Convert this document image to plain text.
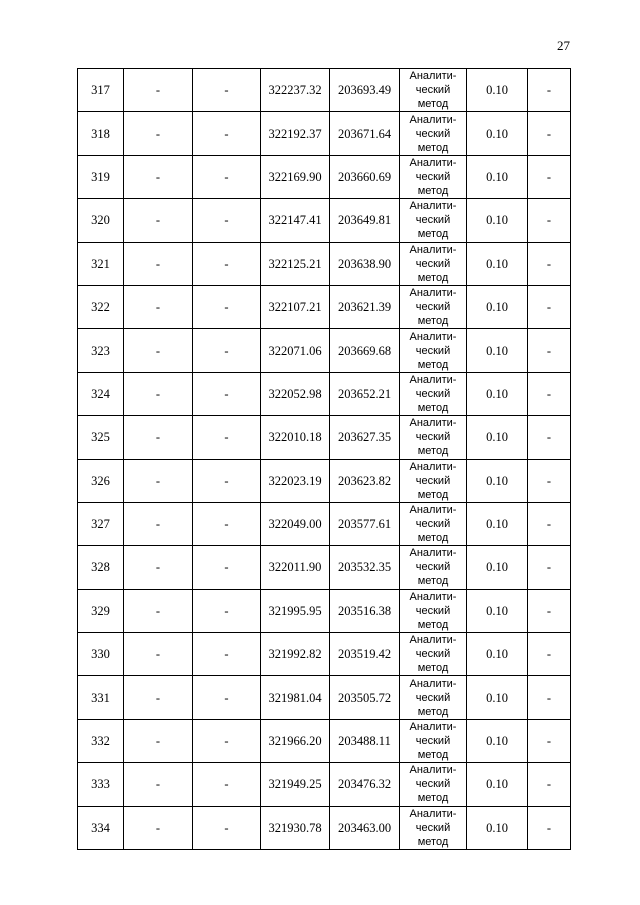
27
317	-	-	322237.32	203693.49	Аналити-
ческий
метод	0.10	-
318	-	-	322192.37	203671.64	Аналити-
ческий
метод	0.10	-
319	-	-	322169.90	203660.69	Аналити-
ческий
метод	0.10	-
320	-	-	322147.41	203649.81	Аналити-
ческий
метод	0.10	-
321	-	-	322125.21	203638.90	Аналити-
ческий
метод	0.10	-
322	-	-	322107.21	203621.39	Аналити-
ческий
метод	0.10	-
323	-	-	322071.06	203669.68	Аналити-
ческий
метод	0.10	-
324	-	-	322052.98	203652.21	Аналити-
ческий
метод	0.10	-
325	-	-	322010.18	203627.35	Аналити-
ческий
метод	0.10	-
326	-	-	322023.19	203623.82	Аналити-
ческий
метод	0.10	-
327	-	-	322049.00	203577.61	Аналити-
ческий
метод	0.10	-
328	-	-	322011.90	203532.35	Аналити-
ческий
метод	0.10	-
329	-	-	321995.95	203516.38	Аналити-
ческий
метод	0.10	-
330	-	-	321992.82	203519.42	Аналити-
ческий
метод	0.10	-
331	-	-	321981.04	203505.72	Аналити-
ческий
метод	0.10	-
332	-	-	321966.20	203488.11	Аналити-
ческий
метод	0.10	-
333	-	-	321949.25	203476.32	Аналити-
ческий
метод	0.10	-
334	-	-	321930.78	203463.00	Аналити-
ческий
метод	0.10	-
